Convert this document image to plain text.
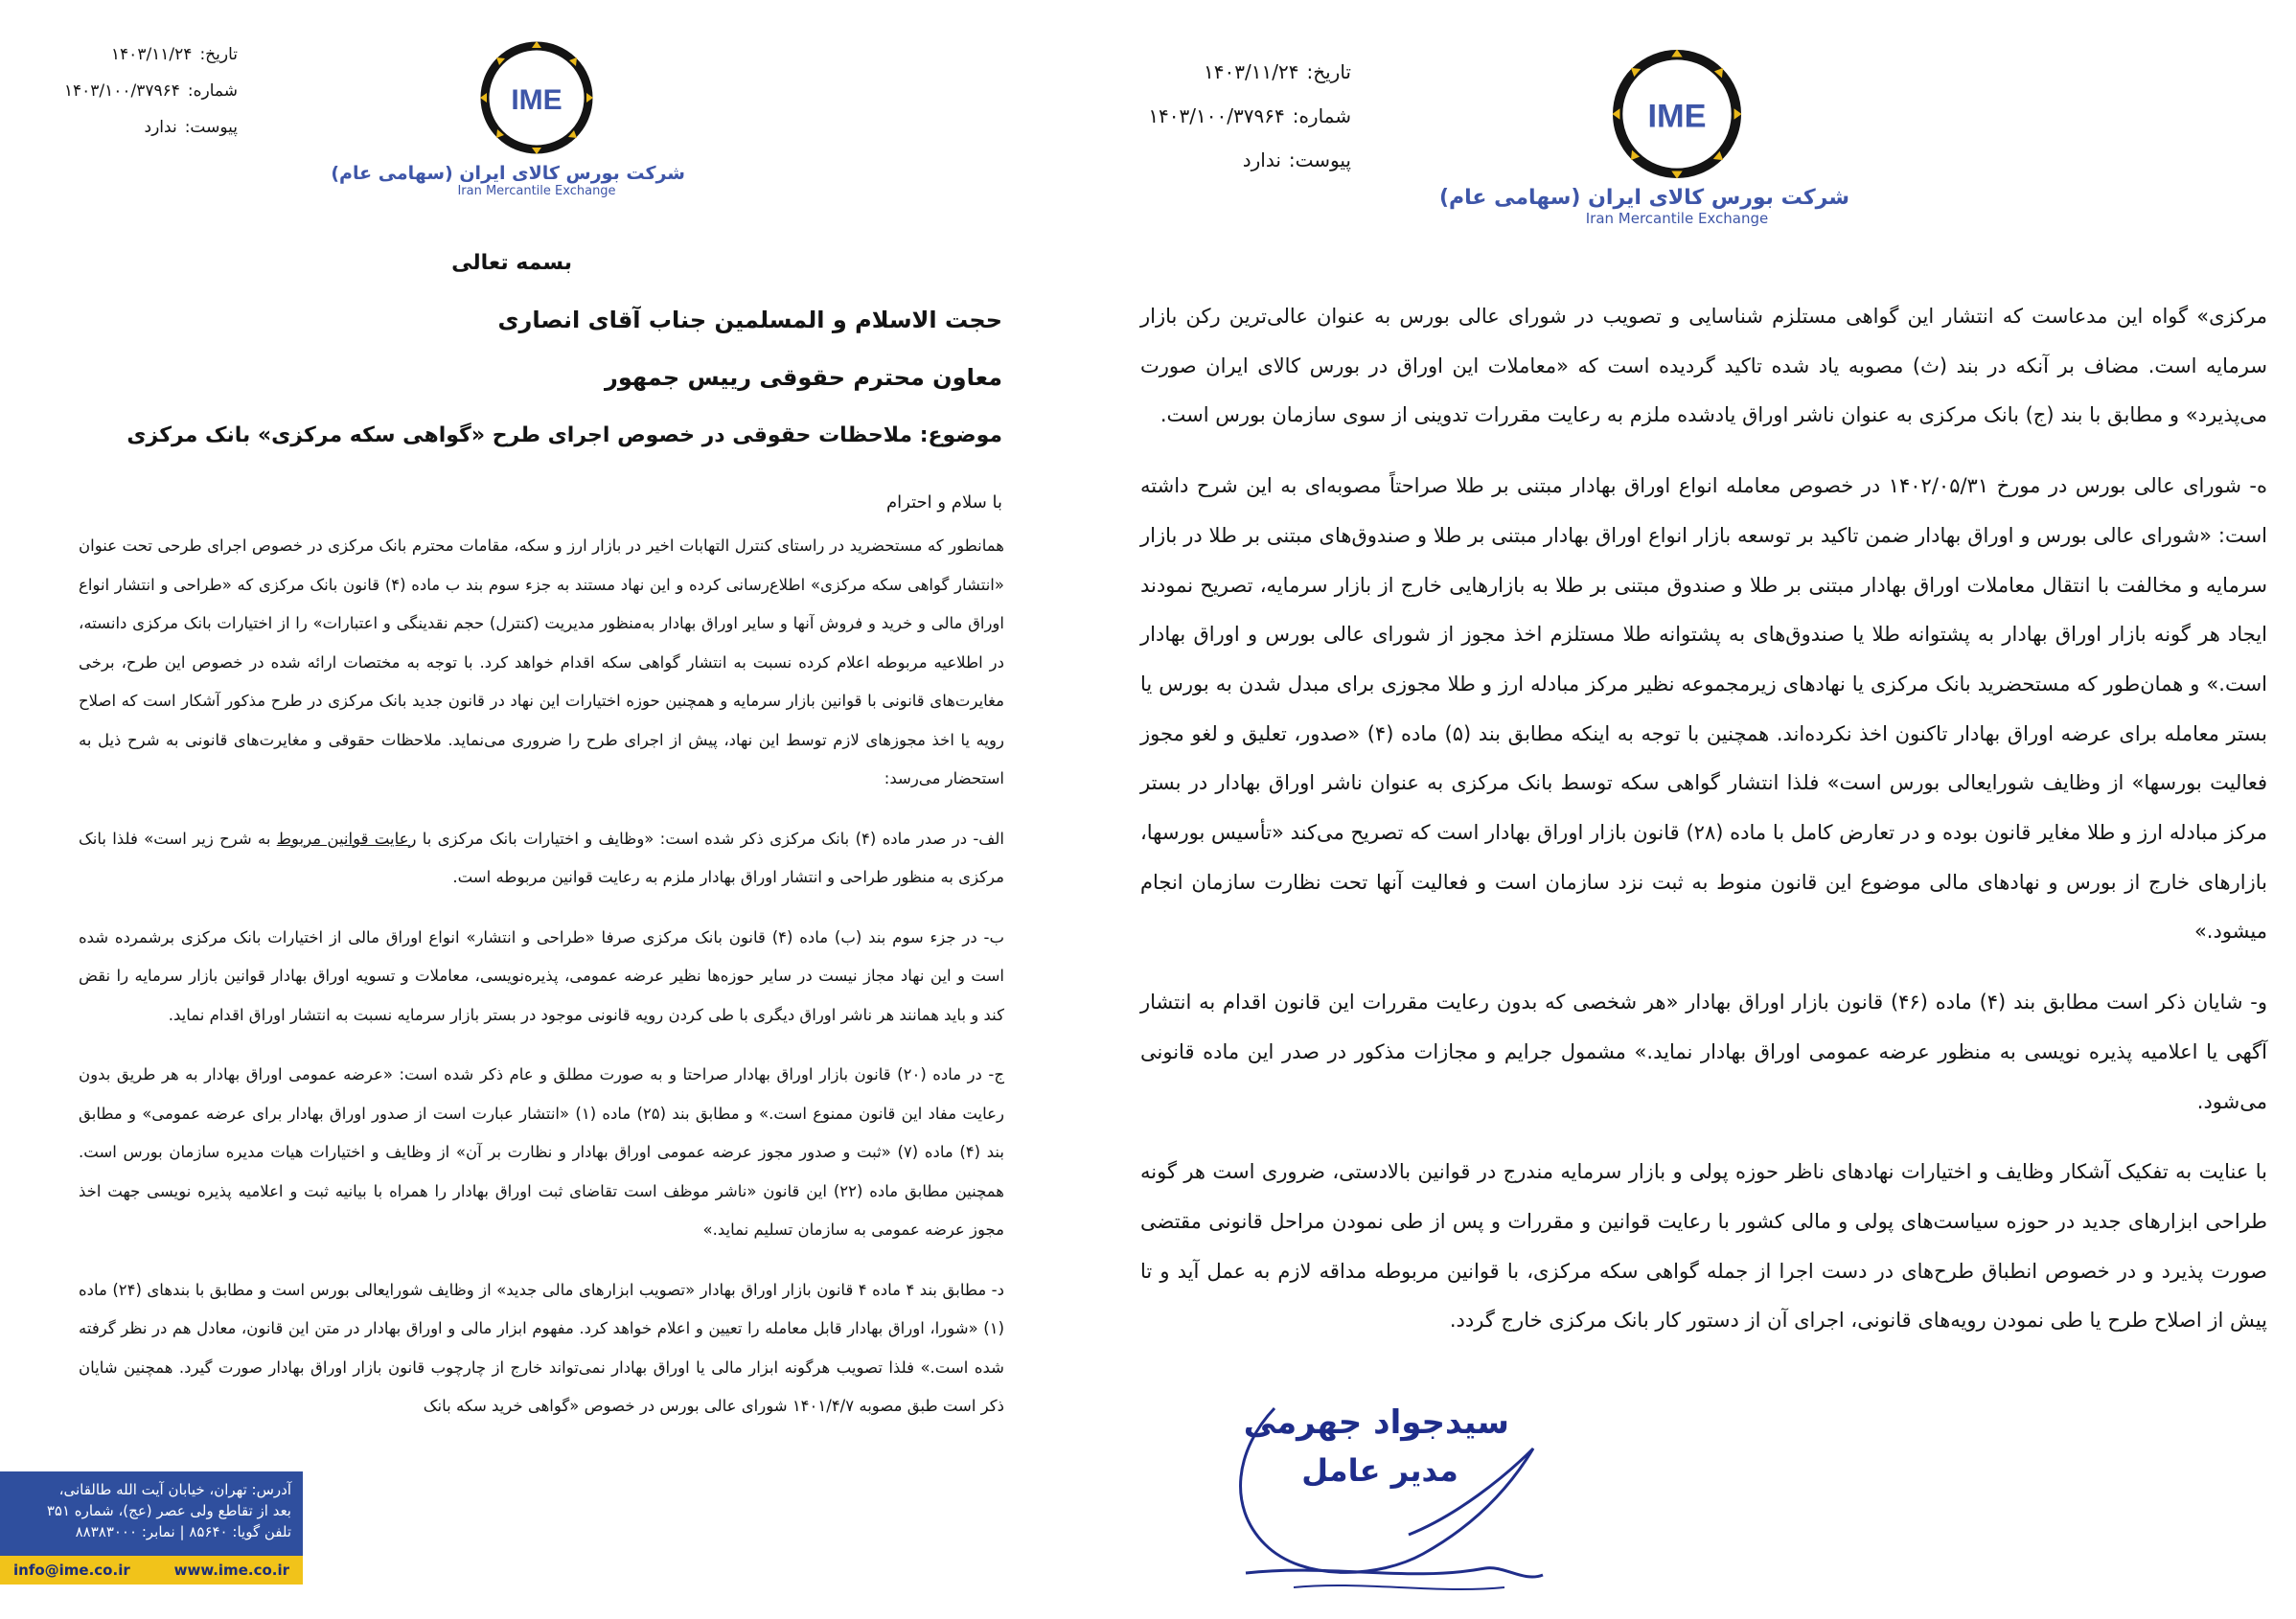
تاریخ:۱۴۰۳/۱۱/۲۴
شماره:۱۴۰۳/۱۰۰/۳۷۹۶۴
پیوست:ندارد
IME
شرکت بورس کالای ایران (سهامی عام)
Iran Mercantile Exchange
بسمه تعالی
حجت الاسلام و المسلمین جناب آقای انصاری
معاون محترم حقوقی رییس جمهور
موضوع: ملاحظات حقوقی در خصوص اجرای طرح «گواهی سکه مرکزی» بانک مرکزی
با سلام و احترام

همانطور که مستحضرید در راستای کنترل التهابات اخیر در بازار ارز و سکه، مقامات محترم بانک مرکزی در خصوص اجرای طرحی تحت عنوان «انتشار گواهی سکه مرکزی» اطلاع‌رسانی کرده و این نهاد مستند به جزء سوم بند ب ماده (۴) قانون بانک مرکزی که «طراحی و انتشار انواع اوراق مالی و خرید و فروش آنها و سایر اوراق بهادار به‌منظور مدیریت (کنترل) حجم نقدینگی و اعتبارات» را از اختیارات بانک مرکزی دانسته، در اطلاعیه مربوطه اعلام کرده نسبت به انتشار گواهی سکه اقدام خواهد کرد. با توجه به مختصات ارائه شده در خصوص این طرح، برخی مغایرت‌های قانونی با قوانین بازار سرمایه و همچنین حوزه اختیارات این نهاد در قانون جدید بانک مرکزی در طرح مذکور آشکار است که اصلاح رویه یا اخذ مجوزهای لازم توسط این نهاد، پیش از اجرای طرح را ضروری می‌نماید. ملاحظات حقوقی و مغایرت‌های قانونی به شرح ذیل به استحضار می‌رسد:

الف- در صدر ماده (۴) بانک مرکزی ذکر شده است: «وظایف و اختیارات بانک مرکزی با رعایت قوانین مربوط به شرح زیر است» فلذا بانک مرکزی به منظور طراحی و انتشار اوراق بهادار ملزم به رعایت قوانین مربوطه است.

ب- در جزء سوم بند (ب) ماده (۴) قانون بانک مرکزی صرفا «طراحی و انتشار» انواع اوراق مالی از اختیارات بانک مرکزی برشمرده شده است و این نهاد مجاز نیست در سایر حوزه‌ها نظیر عرضه عمومی، پذیره‌نویسی، معاملات و تسویه اوراق بهادار قوانین بازار سرمایه را نقض کند و باید همانند هر ناشر اوراق دیگری با طی کردن رویه قانونی موجود در بستر بازار سرمایه نسبت به انتشار اوراق اقدام نماید.

ج- در ماده (۲۰) قانون بازار اوراق بهادار صراحتا و به صورت مطلق و عام ذکر شده است: «عرضه عمومی اوراق بهادار به هر طریق بدون رعایت مفاد این قانون ممنوع است.» و مطابق بند (۲۵) ماده (۱) «انتشار عبارت است از صدور اوراق بهادار برای عرضه عمومی» و مطابق بند (۴) ماده (۷) «ثبت و صدور مجوز عرضه عمومی اوراق بهادار و نظارت بر آن» از وظایف و اختیارات هیات مدیره سازمان بورس است. همچنین مطابق ماده (۲۲) این قانون «ناشر موظف است تقاضای ثبت اوراق بهادار را همراه با بیانیه ثبت و اعلامیه پذیره نویسی جهت اخذ مجوز عرضه عمومی به سازمان تسلیم نماید.»

د- مطابق بند ۴ ماده ۴ قانون بازار اوراق بهادار «تصویب ابزارهای مالی جدید» از وظایف شورایعالی بورس است و مطابق با بندهای (۲۴) ماده (۱) «شورا، اوراق بهادار قابل معامله را تعیین و اعلام خواهد کرد. مفهوم ابزار مالی و اوراق بهادار در متن این قانون، معادل هم در نظر گرفته شده است.» فلذا تصویب هرگونه ابزار مالی یا اوراق بهادار نمی‌تواند خارج از چارچوب قانون بازار اوراق بهادار صورت گیرد. همچنین شایان ذکر است طبق مصوبه ۱۴۰۱/۴/۷ شورای عالی بورس در خصوص «گواهی خرید سکه بانک

آدرس: تهران، خیابان آیت الله طالقانی،
بعد از تقاطع ولی عصر (عج)، شماره ۳۵۱
تلفن گویا: ۸۵۶۴۰ | نمابر: ۸۸۳۸۳۰۰۰
info@ime.co.ir	www.ime.co.ir
تاریخ:۱۴۰۳/۱۱/۲۴
شماره:۱۴۰۳/۱۰۰/۳۷۹۶۴
پیوست:ندارد
IME
شرکت بورس کالای ایران (سهامی عام)
Iran Mercantile Exchange

مرکزی» گواه این مدعاست که انتشار این گواهی مستلزم شناسایی و تصویب در شورای عالی بورس به عنوان عالی‌ترین رکن بازار سرمایه است. مضاف بر آنکه در بند (ث) مصوبه یاد شده تاکید گردیده است که «معاملات این اوراق در بورس کالای ایران صورت می‌پذیرد» و مطابق با بند (ج) بانک مرکزی به عنوان ناشر اوراق یادشده ملزم به رعایت مقررات تدوینی از سوی سازمان بورس است.

ه- شورای عالی بورس در مورخ ۱۴۰۲/۰۵/۳۱ در خصوص معامله انواع اوراق بهادار مبتنی بر طلا صراحتاً مصوبه‌ای به این شرح داشته است: «شورای عالی بورس و اوراق بهادار ضمن تاکید بر توسعه بازار انواع اوراق بهادار مبتنی بر طلا و صندوق‌های مبتنی بر طلا در بازار سرمایه و مخالفت با انتقال معاملات اوراق بهادار مبتنی بر طلا و صندوق مبتنی بر طلا به بازارهایی خارج از بازار سرمایه، تصریح نمودند ایجاد هر گونه بازار اوراق بهادار به پشتوانه طلا یا صندوق‌های به پشتوانه طلا مستلزم اخذ مجوز از شورای عالی بورس و اوراق بهادار است.» و همان‌طور که مستحضرید بانک مرکزی یا نهادهای زیرمجموعه نظیر مرکز مبادله ارز و طلا مجوزی برای مبدل شدن به بورس یا بستر معامله برای عرضه اوراق بهادار تاکنون اخذ نکرده‌اند. همچنین با توجه به اینکه مطابق بند (۵) ماده (۴) «صدور، تعلیق و لغو مجوز فعالیت بورسها» از وظایف شورایعالی بورس است» فلذا انتشار گواهی سکه توسط بانک مرکزی به عنوان ناشر اوراق بهادار در بستر مرکز مبادله ارز و طلا مغایر قانون بوده و در تعارض کامل با ماده (۲۸) قانون بازار اوراق بهادار است که تصریح می‌کند «تأسیس بورسها، بازارهای خارج از بورس و نهادهای مالی موضوع این قانون منوط به ثبت نزد سازمان است و فعالیت آنها تحت نظارت سازمان انجام میشود.»

و- شایان ذکر است مطابق بند (۴) ماده (۴۶) قانون بازار اوراق بهادار «هر شخصی که بدون رعایت مقررات این قانون اقدام به انتشار آگهی یا اعلامیه پذیره نویسی به منظور عرضه عمومی اوراق بهادار نماید.» مشمول جرایم و مجازات مذکور در صدر این ماده قانونی می‌شود.

با عنایت به تفکیک آشکار وظایف و اختیارات نهادهای ناظر حوزه پولی و بازار سرمایه مندرج در قوانین بالادستی، ضروری است هر گونه طراحی ابزارهای جدید در حوزه سیاست‌های پولی و مالی کشور با رعایت قوانین و مقررات و پس از طی نمودن مراحل قانونی مقتضی صورت پذیرد و در خصوص انطباق طرح‌های در دست اجرا از جمله گواهی سکه مرکزی، با قوانین مربوطه مداقه لازم به عمل آید و تا پیش از اصلاح طرح یا طی نمودن رویه‌های قانونی، اجرای آن از دستور کار بانک مرکزی خارج گردد.

سیدجواد جهرمی
مدیر عامل
